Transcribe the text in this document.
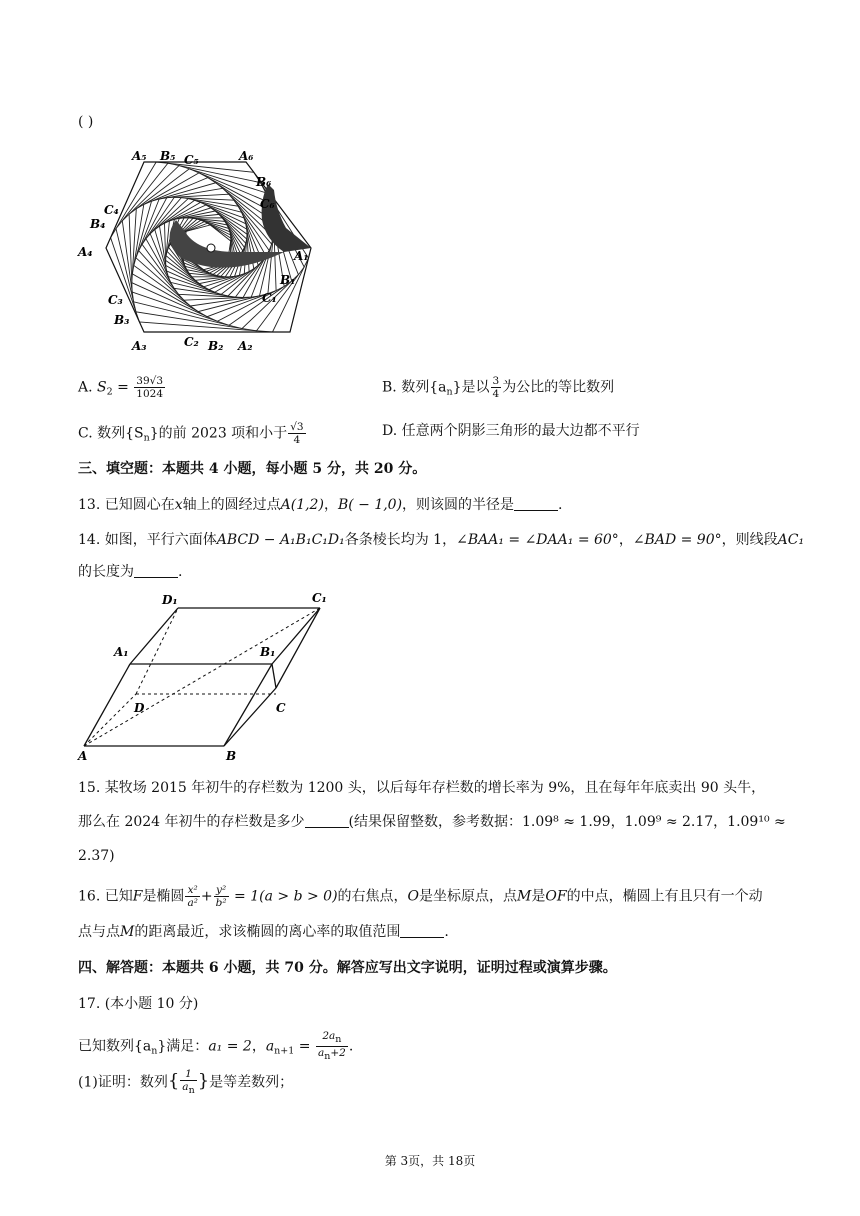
( )
A₅ B₅ C₅	A₆
B₆
C₆
C₄
B₄
A₄	A₁
B₁
C₁
C₃
B₃
A₃	C₂ B₂ A₂
A. $S_2 = \frac{39√3}{1024}$	B. 数列$\{a_n\}$是以 $\frac{3}{4}$ 为公比的等比数列
C. 数列$\{S_n\}$的前 2023 项和小于 $\frac{√3}{4}$	D. 任意两个阴影三角形的最大边都不平行
三、填空题：本题共 4 小题，每小题 5 分，共 20 分。
13. 已知圆心在x轴上的圆经过点A(1,2)，B( − 1,0)，则该圆的半径是	.
14. 如图，平行六面体ABCD − A₁B₁C₁D₁各条棱长均为 1，∠BAA₁ = ∠DAA₁ = 60°，∠BAD = 90°，则线段AC₁
的长度为	.
D₁	C₁
A₁	B₁
D	C
A	B
15. 某牧场 2015 年初牛的存栏数为 1200 头，以后每年存栏数的增长率为 9%，且在每年年底卖出 90 头牛，
那么在 2024 年初牛的存栏数是多少	(结果保留整数，参考数据：1.09⁸ ≈ 1.99，1.09⁹ ≈ 2.17，1.09¹⁰ ≈
2.37)
16. 已知F是椭圆 $\frac{\text{x²}}{\text{a²}} + \frac{\text{y²}}{\text{b²}} = 1(a > b > 0)$的右焦点，O是坐标原点，点M是OF的中点，椭圆上有且只有一个动
点与点M的距离最近，求该椭圆的离心率的取值范围	.
四、解答题：本题共 6 小题，共 70 分。解答应写出文字说明，证明过程或演算步骤。
17. (本小题 10 分)
已知数列$\{a_n\}$满足：a₁ = 2，$a_{n+1} = \frac{2an}{an+2}$ .
(1)证明：数列{ $\frac{1}{an}$ }是等差数列；
第 3页，共 18页
